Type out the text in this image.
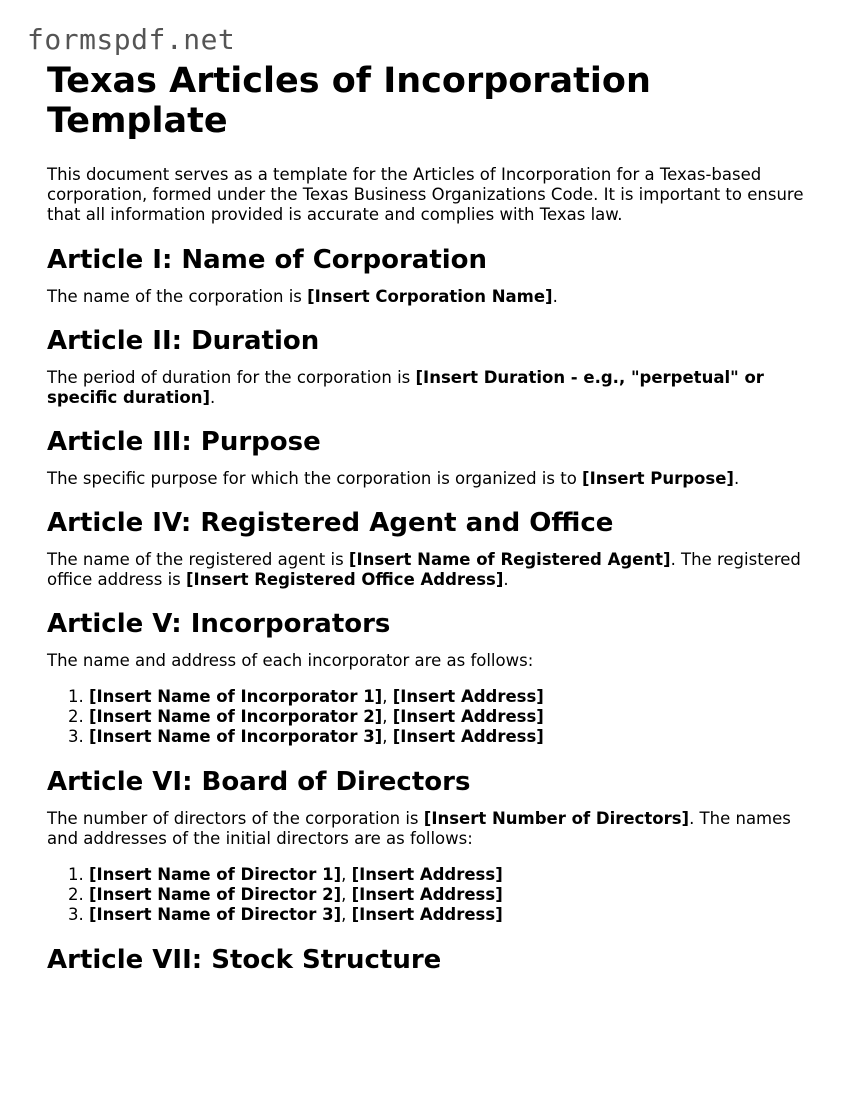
formspdf.net
Texas Articles of Incorporation Template

This document serves as a template for the Articles of Incorporation for a Texas-based corporation, formed under the Texas Business Organizations Code. It is important to ensure that all information provided is accurate and complies with Texas law.

Article I: Name of Corporation

The name of the corporation is [Insert Corporation Name].

Article II: Duration

The period of duration for the corporation is [Insert Duration - e.g., "perpetual" or specific duration].

Article III: Purpose

The specific purpose for which the corporation is organized is to [Insert Purpose].

Article IV: Registered Agent and Office

The name of the registered agent is [Insert Name of Registered Agent]. The registered office address is [Insert Registered Office Address].

Article V: Incorporators

The name and address of each incorporator are as follows:

1. [Insert Name of Incorporator 1], [Insert Address]
2. [Insert Name of Incorporator 2], [Insert Address]
3. [Insert Name of Incorporator 3], [Insert Address]
Article VI: Board of Directors

The number of directors of the corporation is [Insert Number of Directors]. The names and addresses of the initial directors are as follows:

1. [Insert Name of Director 1], [Insert Address]
2. [Insert Name of Director 2], [Insert Address]
3. [Insert Name of Director 3], [Insert Address]
Article VII: Stock Structure
